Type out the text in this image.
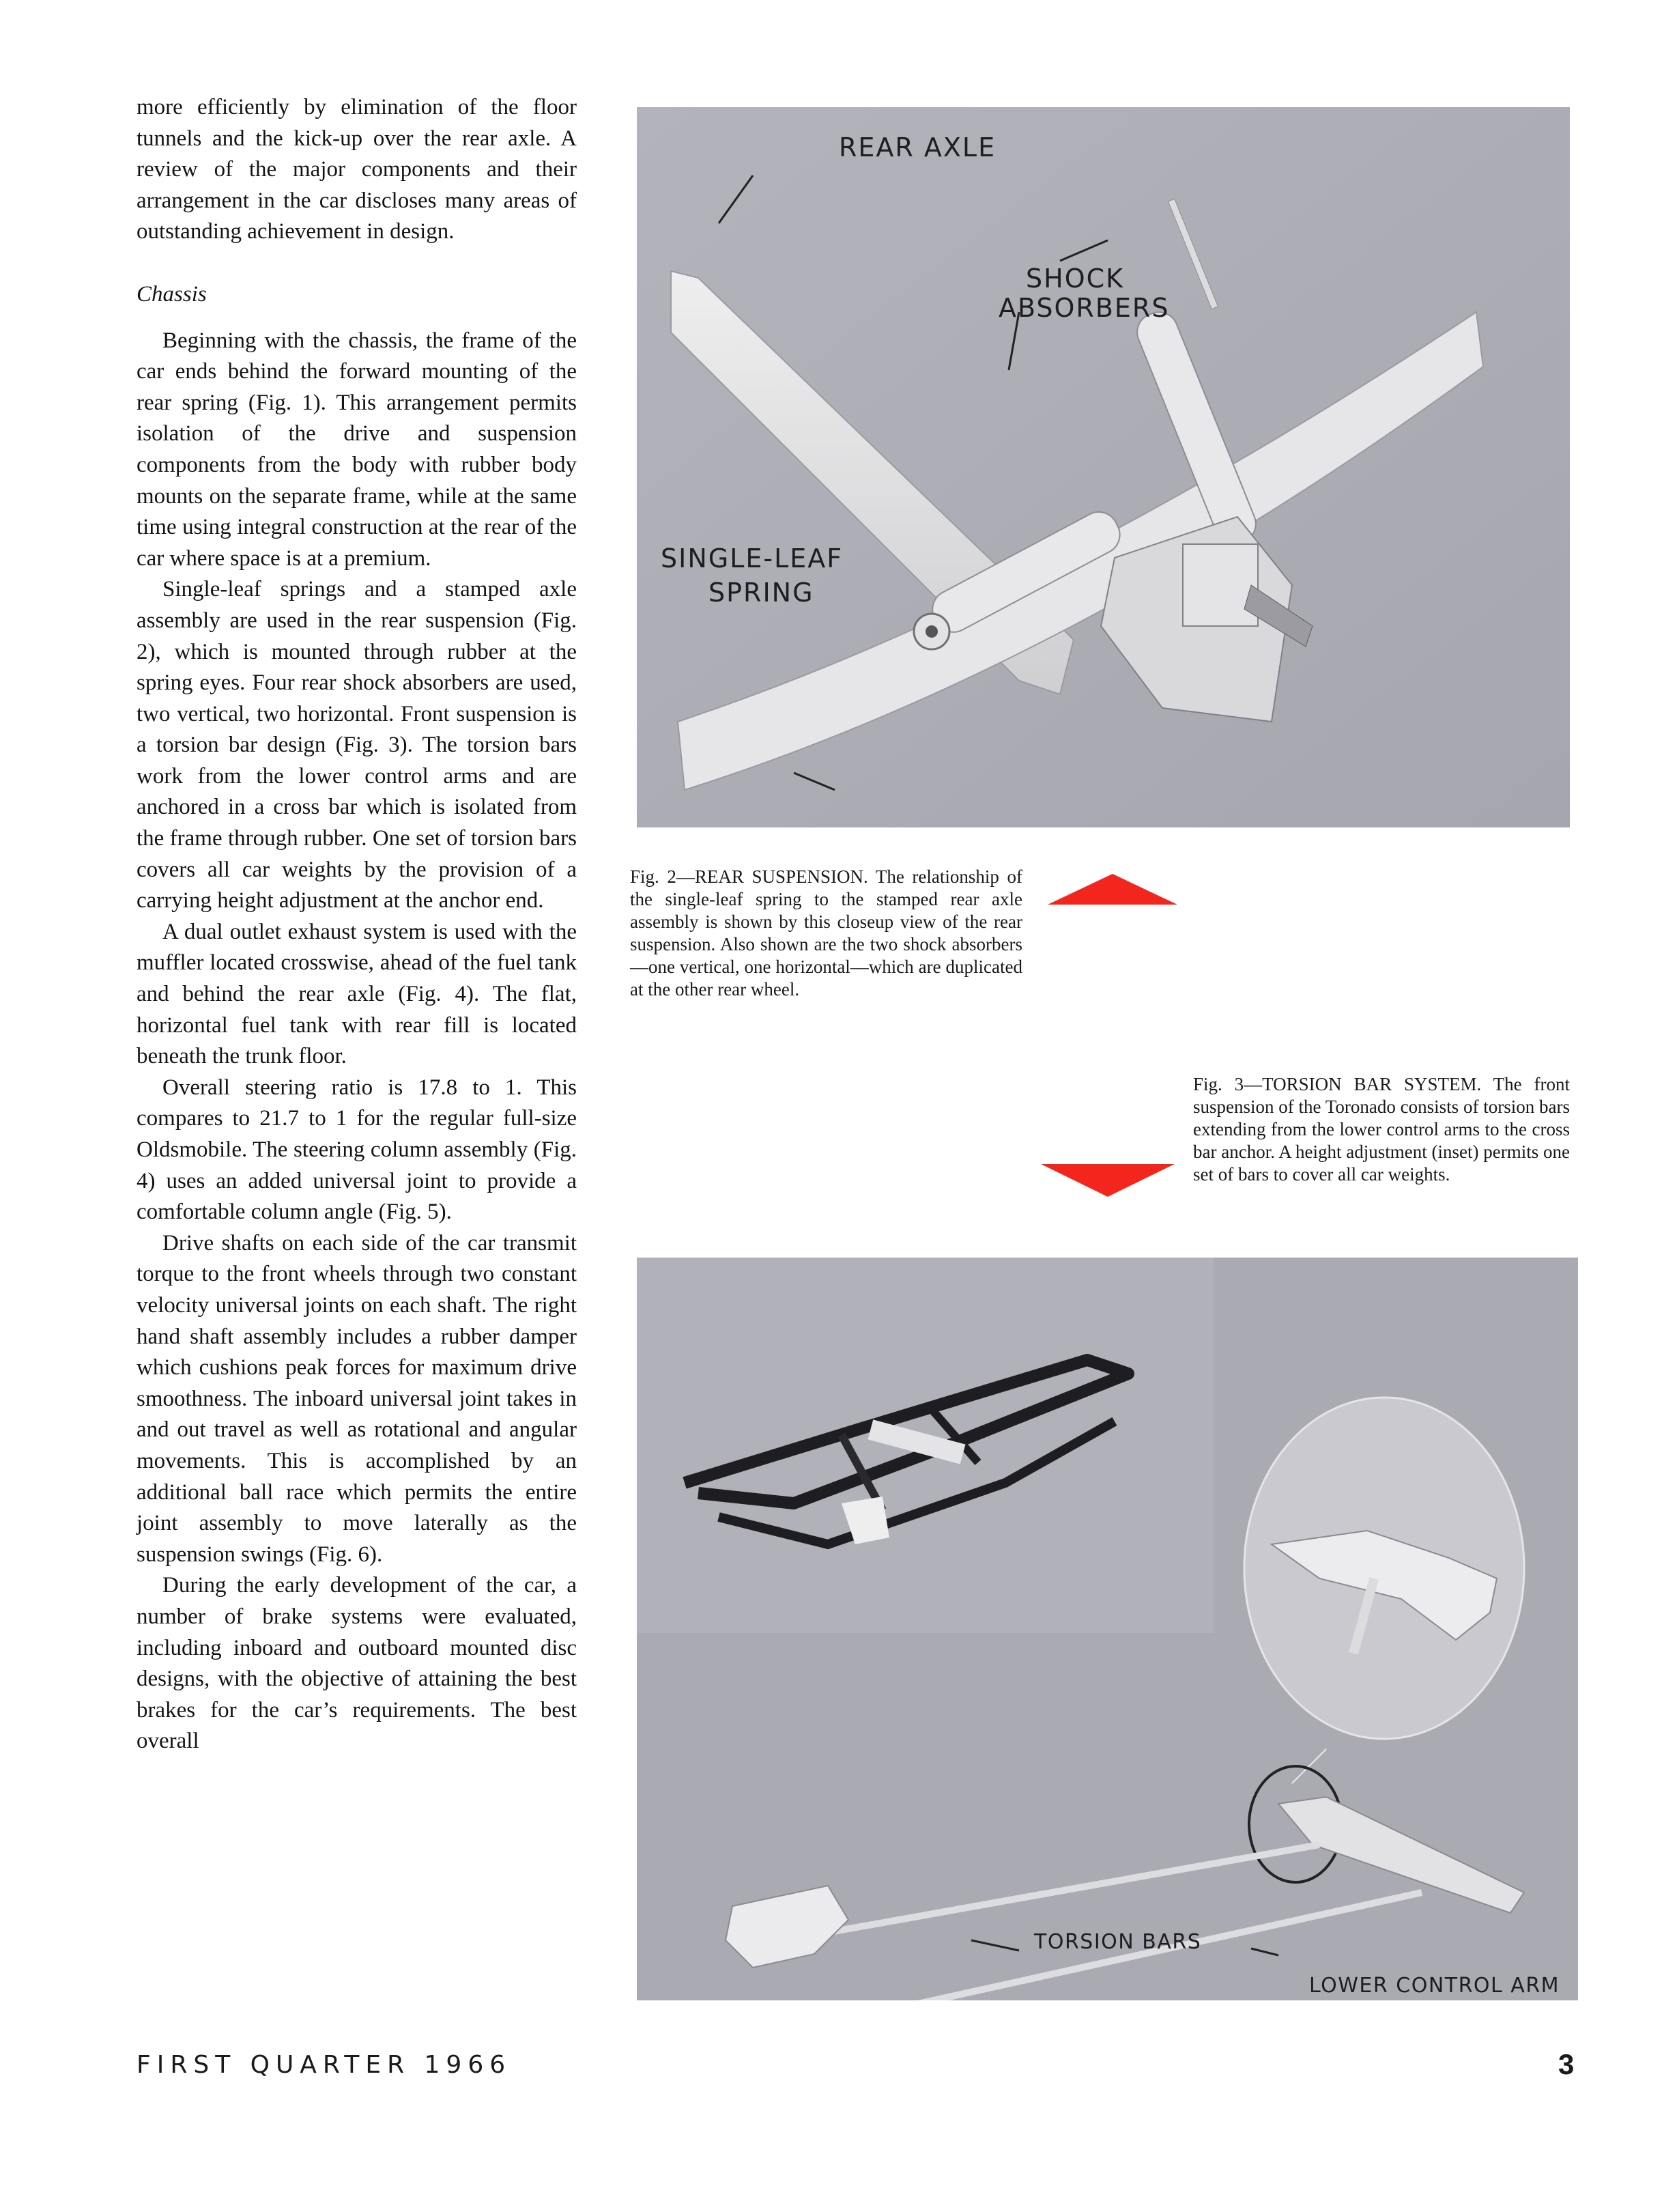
more efficiently by elimination of the floor tunnels and the kick-up over the rear axle. A review of the major components and their arrangement in the car discloses many areas of outstanding achievement in design.

Chassis

Beginning with the chassis, the frame of the car ends behind the forward mounting of the rear spring (Fig. 1). This arrangement permits isolation of the drive and suspension components from the body with rubber body mounts on the separate frame, while at the same time using integral construction at the rear of the car where space is at a premium.

Single-leaf springs and a stamped axle assembly are used in the rear suspension (Fig. 2), which is mounted through rubber at the spring eyes. Four rear shock absorbers are used, two vertical, two horizontal. Front suspension is a torsion bar design (Fig. 3). The torsion bars work from the lower control arms and are anchored in a cross bar which is isolated from the frame through rubber. One set of torsion bars covers all car weights by the provision of a carrying height adjustment at the anchor end.

A dual outlet exhaust system is used with the muffler located crosswise, ahead of the fuel tank and behind the rear axle (Fig. 4). The flat, horizontal fuel tank with rear fill is located beneath the trunk floor.

Overall steering ratio is 17.8 to 1. This compares to 21.7 to 1 for the regular full-size Oldsmobile. The steering column assembly (Fig. 4) uses an added universal joint to provide a comfortable column angle (Fig. 5).

Drive shafts on each side of the car transmit torque to the front wheels through two constant velocity universal joints on each shaft. The right hand shaft assembly includes a rubber damper which cushions peak forces for maximum drive smoothness. The inboard universal joint takes in and out travel as well as rotational and angular movements. This is accomplished by an additional ball race which permits the entire joint assembly to move laterally as the suspension swings (Fig. 6).

During the early development of the car, a number of brake systems were evaluated, including inboard and outboard mounted disc designs, with the objective of attaining the best brakes for the car’s requirements. The best overall

REAR AXLE
SHOCK
ABSORBERS
SINGLE-LEAF
SPRING
Fig. 2—REAR SUSPENSION. The relationship of the single-leaf spring to the stamped rear axle assembly is shown by this closeup view of the rear suspension. Also shown are the two shock absorbers—one vertical, one horizontal—which are duplicated at the other rear wheel.
Fig. 3—TORSION BAR SYSTEM. The front suspension of the Toronado consists of torsion bars extending from the lower control arms to the cross bar anchor. A height adjustment (inset) permits one set of bars to cover all car weights.
TORSION BARS
LOWER CONTROL ARM
FIRST QUARTER 1966	3
